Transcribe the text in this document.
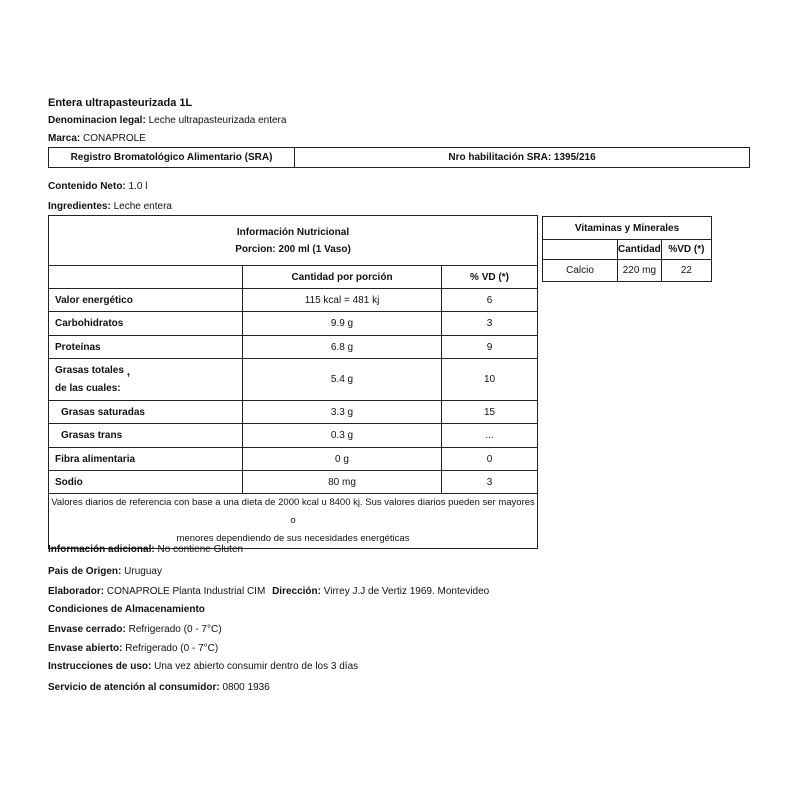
Entera ultrapasteurizada 1L
Denominacion legal: Leche ultrapasteurizada entera
Marca: CONAPROLE
Registro Bromatológico Alimentario (SRA)	Nro habilitación SRA: 1395/216
Contenido Neto: 1.0 l
Ingredientes: Leche entera
Información Nutricional
Porcion: 200 ml (1 Vaso)		

	Cantidad por porción	% VD (*)
Valor energético	115 kcal = 481 kj	6
Carbohidratos	9.9 g	3
Proteínas	6.8 g	9

Grasas totales ,
de las cuales:	5.4 g	10
Grasas saturadas	3.3 g	15
Grasas trans	0.3 g	...
Fibra alimentaria	0 g	0
Sodio	80 mg	3

Valores diarios de referencia con base a una dieta de 2000 kcal u 8400 kj. Sus valores diarios pueden ser mayores o
menores dependiendo de sus necesidades energéticas		
Vitaminas y Minerales		
	Cantidad	%VD (*)
Calcio	220 mg	22
Información adicional: No contiene Gluten
Pais de Origen: Uruguay
Elaborador: CONAPROLE Planta Industrial CIM Dirección: Virrey J.J de Vertiz 1969. Montevideo
Condiciones de Almacenamiento
Envase cerrado: Refrigerado (0 - 7°C)
Envase abierto: Refrigerado (0 - 7°C)
Instrucciones de uso: Una vez abierto consumir dentro de los 3 días
Servicio de atención al consumidor: 0800 1936
